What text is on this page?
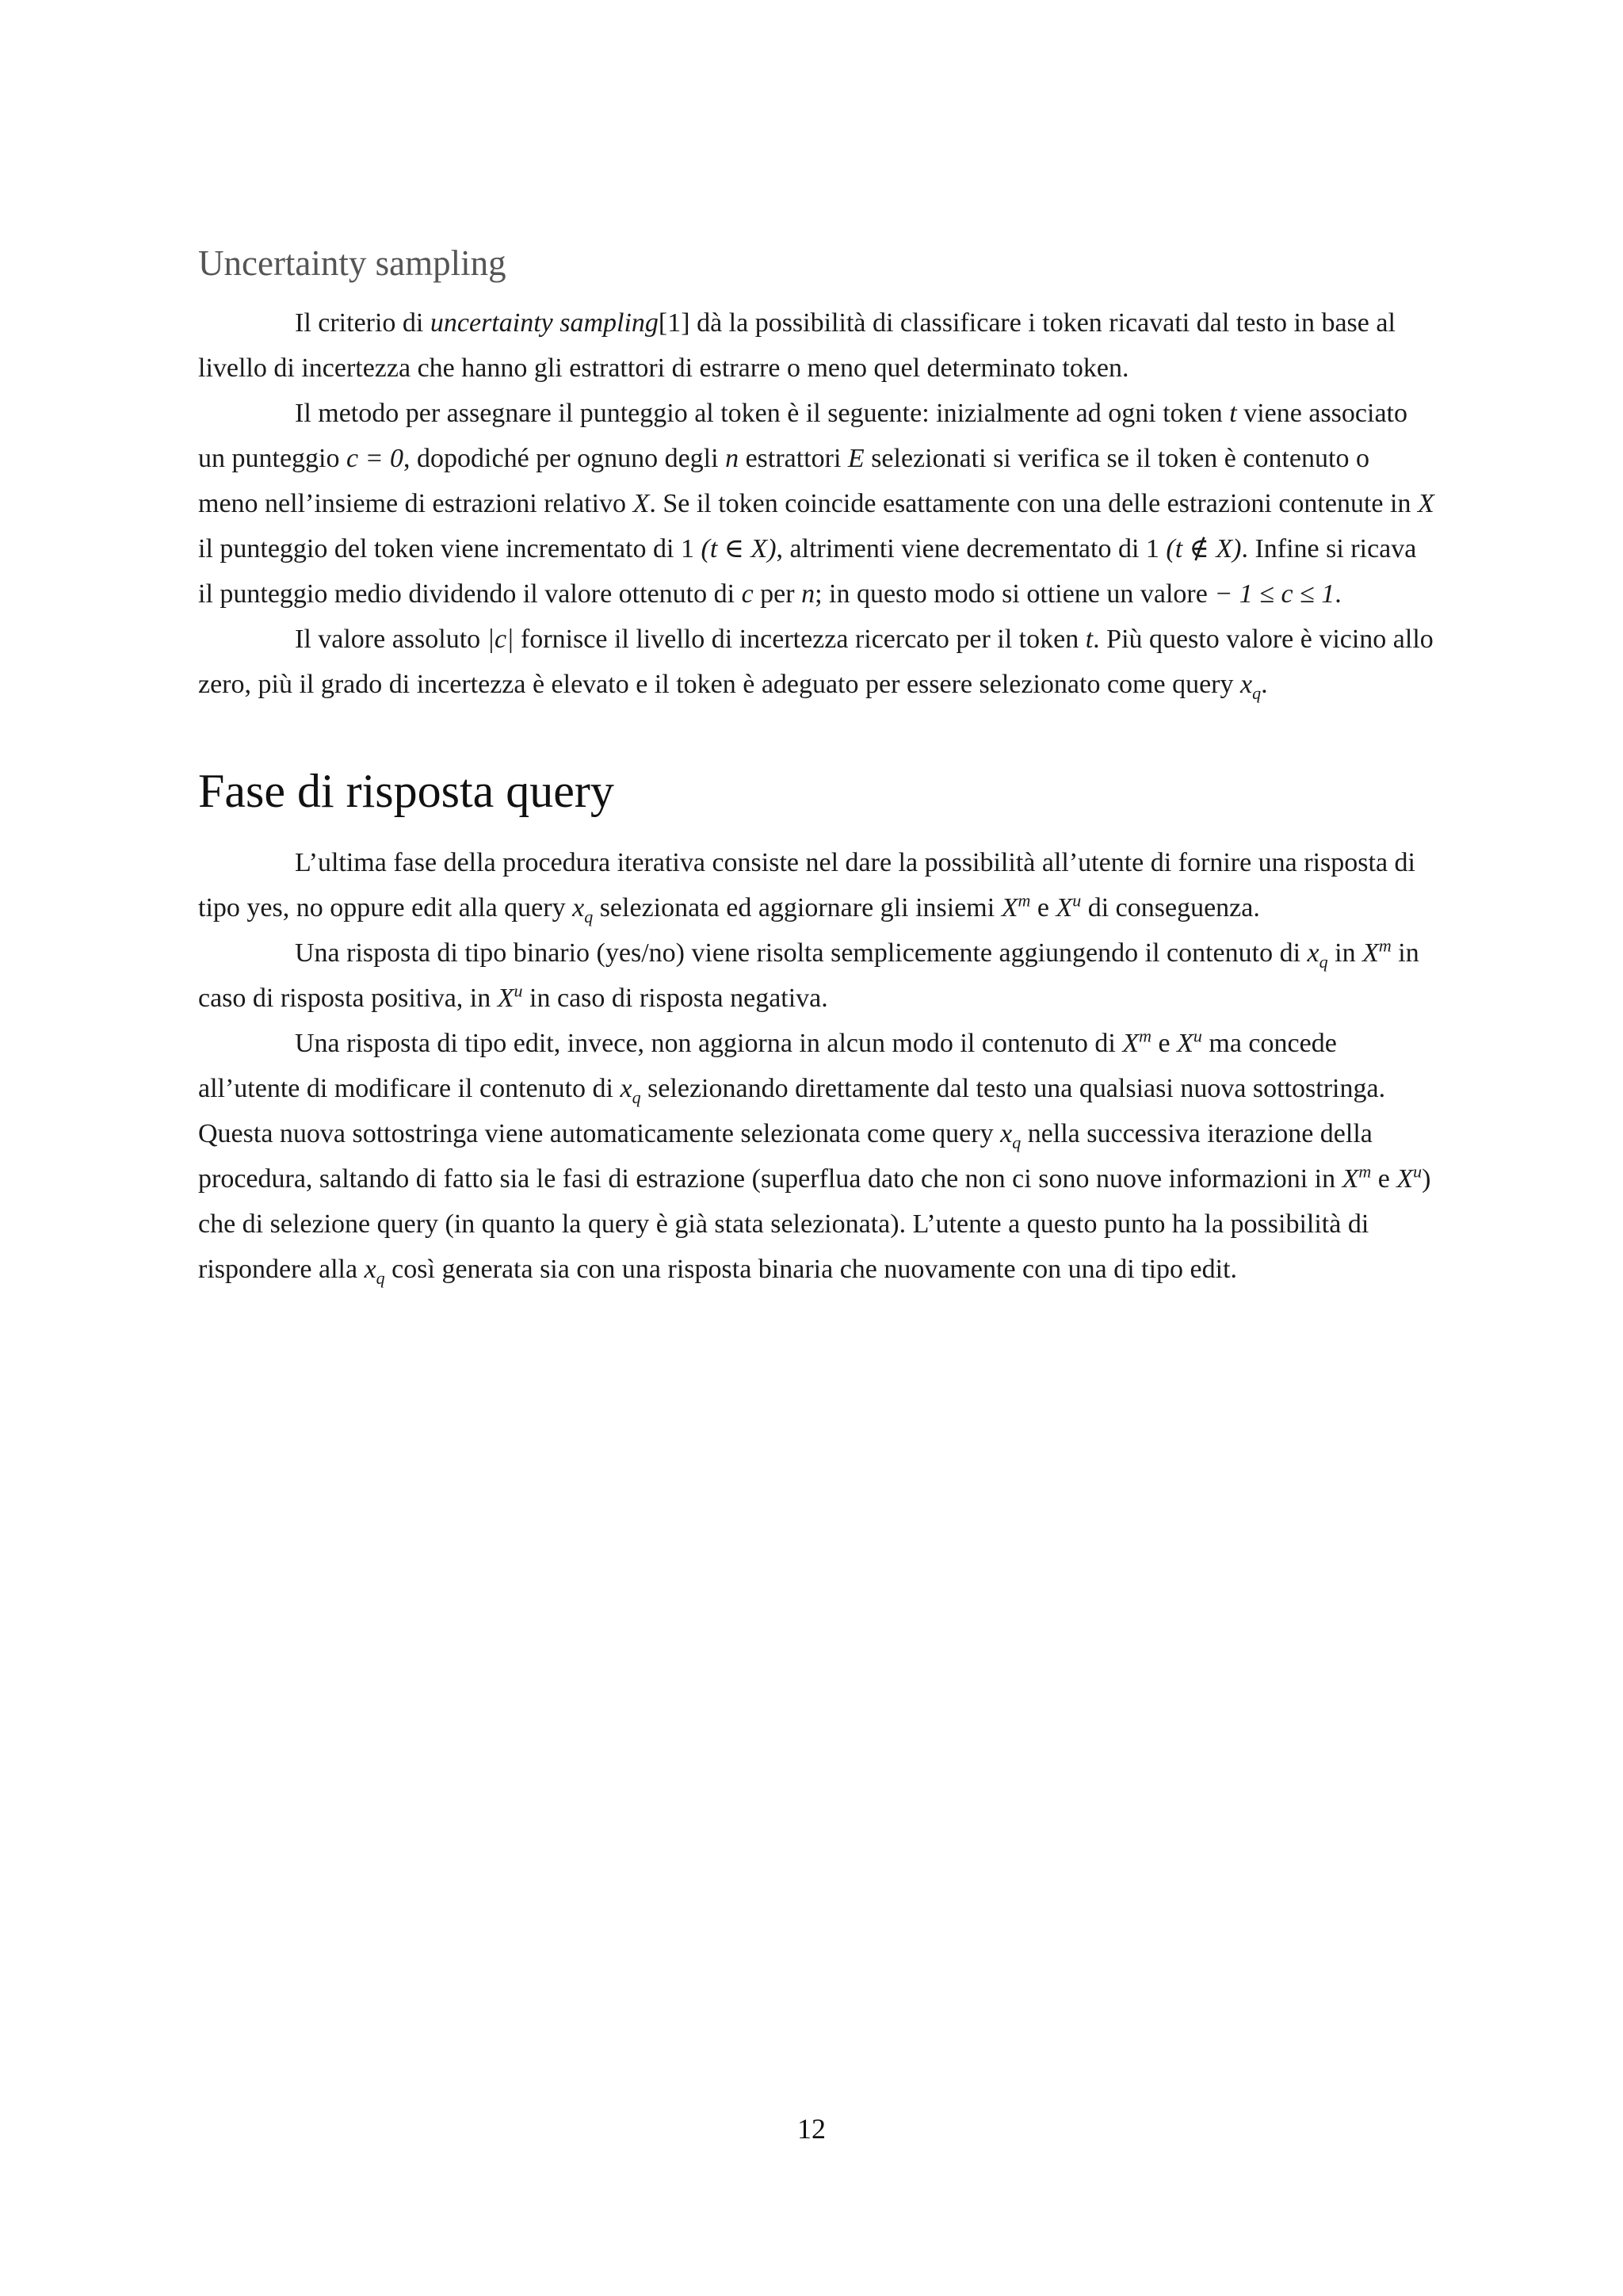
Uncertainty sampling

Il criterio di uncertainty sampling[1] dà la possibilità di classificare i token ricavati dal testo in base al livello di incertezza che hanno gli estrattori di estrarre o meno quel determinato token.

Il metodo per assegnare il punteggio al token è il seguente: inizialmente ad ogni token t viene associato un punteggio c = 0, dopodiché per ognuno degli n estrattori E selezionati si verifica se il token è contenuto o meno nell’insieme di estrazioni relativo X. Se il token coincide esattamente con una delle estrazioni contenute in X il punteggio del token viene incrementato di 1 (t ∈ X), altrimenti viene decrementato di 1 (t ∉ X). Infine si ricava il punteggio medio dividendo il valore ottenuto di c per n; in questo modo si ottiene un valore − 1 ≤ c ≤ 1.

Il valore assoluto |c| fornisce il livello di incertezza ricercato per il token t. Più questo valore è vicino allo zero, più il grado di incertezza è elevato e il token è adeguato per essere selezionato come query $x_q$.

Fase di risposta query

L’ultima fase della procedura iterativa consiste nel dare la possibilità all’utente di fornire una risposta di tipo yes, no oppure edit alla query $x_q$ selezionata ed aggiornare gli insiemi $X^m$ e $X^u$ di conseguenza.

Una risposta di tipo binario (yes/no) viene risolta semplicemente aggiungendo il contenuto di $x_q$ in $X^m$ in caso di risposta positiva, in $X^u$ in caso di risposta negativa.

Una risposta di tipo edit, invece, non aggiorna in alcun modo il contenuto di $X^m$ e $X^u$ ma concede all’utente di modificare il contenuto di $x_q$ selezionando direttamente dal testo una qualsiasi nuova sottostringa. Questa nuova sottostringa viene automaticamente selezionata come query $x_q$ nella successiva iterazione della procedura, saltando di fatto sia le fasi di estrazione (superflua dato che non ci sono nuove informazioni in $X^m$ e $X^u$) che di selezione query (in quanto la query è già stata selezionata). L’utente a questo punto ha la possibilità di rispondere alla $x_q$ così generata sia con una risposta binaria che nuovamente con una di tipo edit.

12
